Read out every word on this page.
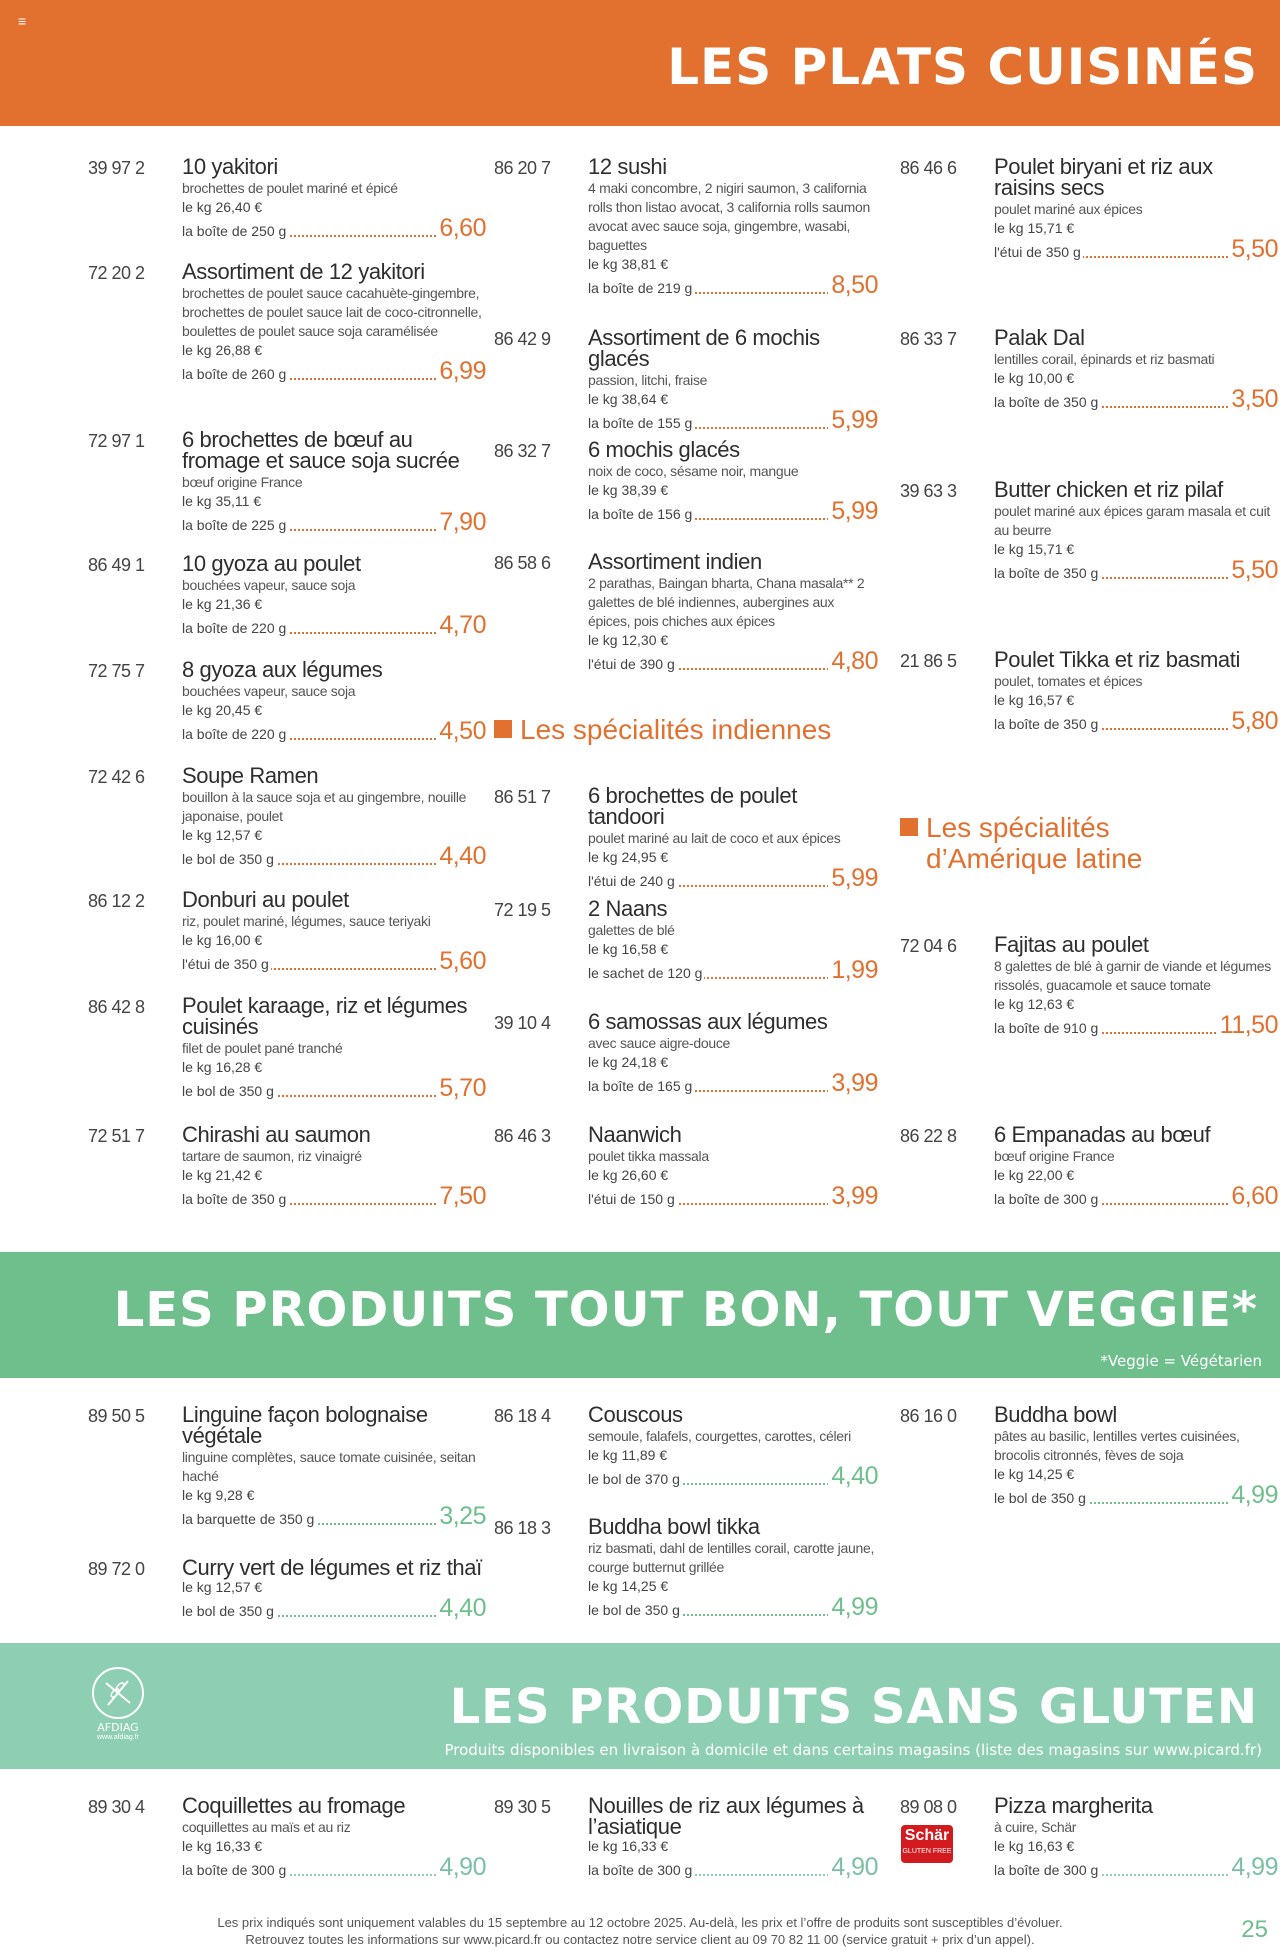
≡
LES PLATS CUISINÉS
39 97 2 10 yakitori
brochettes de poulet mariné et épicé
le kg 26,40 €
la boîte de 250 g	6,60
72 20 2 Assortiment de 12 yakitori
brochettes de poulet sauce cacahuète-gingembre, brochettes de poulet sauce lait de coco-citronnelle, boulettes de poulet sauce soja caramélisée
le kg 26,88 €
la boîte de 260 g	6,99
72 97 1 6 brochettes de bœuf au fromage et sauce soja sucrée
bœuf origine France
le kg 35,11 €
la boîte de 225 g	7,90
86 49 1 10 gyoza au poulet
bouchées vapeur, sauce soja
le kg 21,36 €
la boîte de 220 g	4,70
72 75 7 8 gyoza aux légumes
bouchées vapeur, sauce soja
le kg 20,45 €
la boîte de 220 g	4,50
72 42 6 Soupe Ramen
bouillon à la sauce soja et au gingembre, nouille japonaise, poulet
le kg 12,57 €
le bol de 350 g	4,40
86 12 2 Donburi au poulet
riz, poulet mariné, légumes, sauce teriyaki
le kg 16,00 €
l'étui de 350 g	5,60
86 42 8 Poulet karaage, riz et légumes cuisinés
filet de poulet pané tranché
le kg 16,28 €
le bol de 350 g	5,70
72 51 7 Chirashi au saumon
tartare de saumon, riz vinaigré
le kg 21,42 €
la boîte de 350 g	7,50
86 20 7 12 sushi
4 maki concombre, 2 nigiri saumon, 3 california rolls thon listao avocat, 3 california rolls saumon avocat avec sauce soja, gingembre, wasabi, baguettes
le kg 38,81 €
la boîte de 219 g	8,50
86 42 9 Assortiment de 6 mochis glacés
passion, litchi, fraise
le kg 38,64 €
la boîte de 155 g	5,99
86 32 7 6 mochis glacés
noix de coco, sésame noir, mangue
le kg 38,39 €
la boîte de 156 g	5,99
86 58 6 Assortiment indien
2 parathas, Baingan bharta, Chana masala** 2 galettes de blé indiennes, aubergines aux épices, pois chiches aux épices
le kg 12,30 €
l'étui de 390 g	4,80
Les spécialités indiennes
86 51 7 6 brochettes de poulet tandoori
poulet mariné au lait de coco et aux épices
le kg 24,95 €
l'étui de 240 g	5,99
72 19 5 2 Naans
galettes de blé
le kg 16,58 €
le sachet de 120 g	1,99
39 10 4 6 samossas aux légumes
avec sauce aigre-douce
le kg 24,18 €
la boîte de 165 g	3,99
86 46 3 Naanwich
poulet tikka massala
le kg 26,60 €
l'étui de 150 g	3,99
86 46 6 Poulet biryani et riz aux raisins secs
poulet mariné aux épices
le kg 15,71 €
l'étui de 350 g	5,50
86 33 7 Palak Dal
lentilles corail, épinards et riz basmati
le kg 10,00 €
la boîte de 350 g	3,50
39 63 3 Butter chicken et riz pilaf
poulet mariné aux épices garam masala et cuit au beurre
le kg 15,71 €
la boîte de 350 g	5,50
21 86 5 Poulet Tikka et riz basmati
poulet, tomates et épices
le kg 16,57 €
la boîte de 350 g	5,80
Les spécialités
d’Amérique latine
72 04 6 Fajitas au poulet
8 galettes de blé à garnir de viande et légumes rissolés, guacamole et sauce tomate
le kg 12,63 €
la boîte de 910 g	11,50
86 22 8 6 Empanadas au bœuf
bœuf origine France
le kg 22,00 €
la boîte de 300 g	6,60
LES PRODUITS TOUT BON, TOUT VEGGIE*
*Veggie = Végétarien
89 50 5 Linguine façon bolognaise végétale
linguine complètes, sauce tomate cuisinée, seitan haché
le kg 9,28 €
la barquette de 350 g	3,25
89 72 0 Curry vert de légumes et riz thaï
le kg 12,57 €
le bol de 350 g	4,40
86 18 4 Couscous
semoule, falafels, courgettes, carottes, céleri
le kg 11,89 €
le bol de 370 g	4,40
86 18 3 Buddha bowl tikka
riz basmati, dahl de lentilles corail, carotte jaune, courge butternut grillée
le kg 14,25 €
le bol de 350 g	4,99
86 16 0 Buddha bowl
pâtes au basilic, lentilles vertes cuisinées, brocolis citronnés, fèves de soja
le kg 14,25 €
le bol de 350 g	4,99
AFDIAG
www.afdiag.fr
LES PRODUITS SANS GLUTEN
Produits disponibles en livraison à domicile et dans certains magasins (liste des magasins sur www.picard.fr)
89 30 4 Coquillettes au fromage
coquillettes au maïs et au riz
le kg 16,33 €
la boîte de 300 g	4,90
89 30 5 Nouilles de riz aux légumes à l’asiatique
le kg 16,33 €
la boîte de 300 g	4,90
89 08 0 Pizza margherita
à cuire, Schär
le kg 16,63 €
la boîte de 300 g	4,99
Schär
GLUTEN FREE
Les prix indiqués sont uniquement valables du 15 septembre au 12 octobre 2025. Au-delà, les prix et l’offre de produits sont susceptibles d’évoluer.
Retrouvez toutes les informations sur www.picard.fr ou contactez notre service client au 09 70 82 11 00 (service gratuit + prix d’un appel).	25
